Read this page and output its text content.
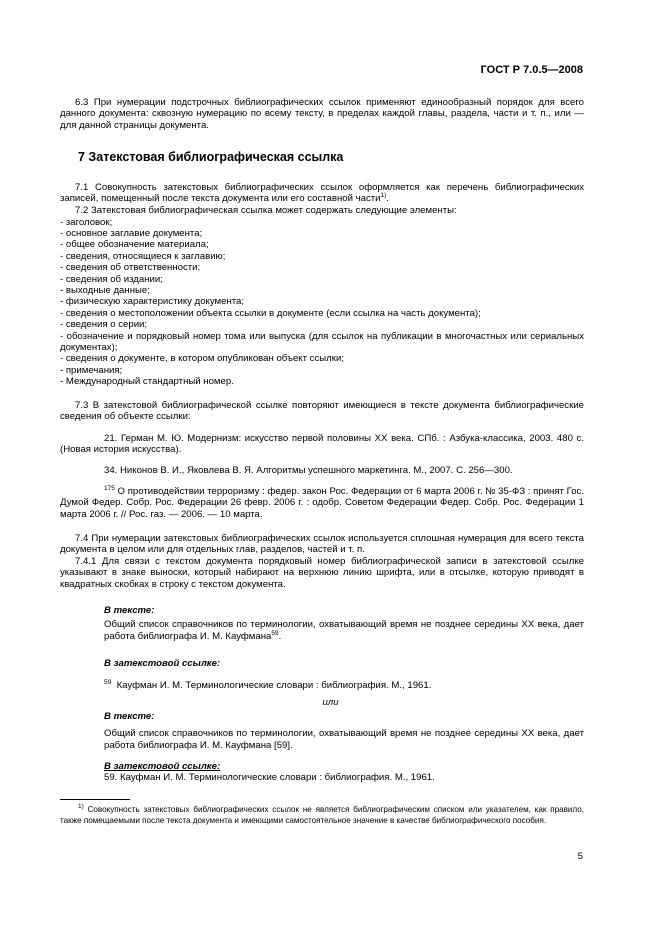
ГОСТ Р 7.0.5—2008
6.3 При нумерации подстрочных библиографических ссылок применяют единообразный порядок для всего данного документа: сквозную нумерацию по всему тексту, в пределах каждой главы, раздела, части и т. п., или — для данной страницы документа.
7 Затекстовая библиографическая ссылка
7.1 Совокупность затекстовых библиографических ссылок оформляется как перечень библиографических записей, помещенный после текста документа или его составной части$^{1)}$.
7.2 Затекстовая библиографическая ссылка может содержать следующие элементы:
- заголовок;
- основное заглавие документа;
- общее обозначение материала;
- сведения, относящиеся к заглавию;
- сведения об ответственности;
- сведения об издании;
- выходные данные;
- физическую характеристику документа;
- сведения о местоположении объекта ссылки в документе (если ссылка на часть документа);
- сведения о серии;
- обозначение и порядковый номер тома или выпуска (для ссылок на публикации в многочастных или сериальных документах);
- сведения о документе, в котором опубликован объект ссылки;
- примечания;
- Международный стандартный номер.
7.3 В затекстовой библиографической ссылке повторяют имеющиеся в тексте документа библиографические сведения об объекте ссылки:
21. Герман М. Ю. Модернизм: искусство первой половины XX века. СПб. : Азбука-классика, 2003. 480 с. (Новая история искусства).
34. Никонов В. И., Яковлева В. Я. Алгоритмы успешного маркетинга. М., 2007. С. 256—300.
$^{175}$ О противодействии терроризму : федер. закон Рос. Федерации от 6 марта 2006 г. № 35-ФЗ : принят Гос. Думой Федер. Собр. Рос. Федерации 26 февр. 2006 г. : одобр. Советом Федерации Федер. Собр. Рос. Федерации 1 марта 2006 г. // Рос. газ. — 2006. — 10 марта.
7.4 При нумерации затекстовых библиографических ссылок используется сплошная нумерация для всего текста документа в целом или для отдельных глав, разделов, частей и т. п.
7.4.1 Для связи с текстом документа порядковый номер библиографической записи в затекстовой ссылке указывают в знаке выноски, который набирают на верхнюю линию шрифта, или в отсылке, которую приводят в квадратных скобках в строку с текстом документа.
В тексте:
Общий список справочников по терминологии, охватывающий время не позднее середины XX века, дает работа библиографа И. М. Кауфмана$^{59}$.
В затекстовой ссылке:
$^{59}$ Кауфман И. М. Терминологические словари : библиография. М., 1961.
или
В тексте:
Общий список справочников по терминологии, охватывающий время не позднее середины XX века, дает работа библиографа И. М. Кауфмана [59].
В затекстовой ссылке:
59. Кауфман И. М. Терминологические словари : библиография. М., 1961.
$^{1)}$ Совокупность затекстовых библиографических ссылок не является библиографическим списком или указателем, как правило, также помещаемыми после текста документа и имеющими самостоятельное значение в качестве библиографического пособия.
5
